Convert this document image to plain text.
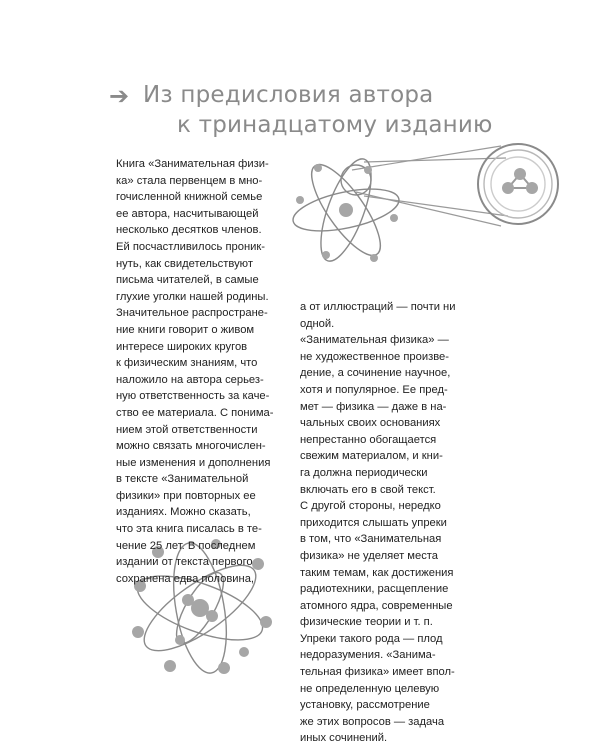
➔ Из предисловия автора
к тринадцатому изданию
Книга «Занимательная физи-
ка» стала первенцем в мно-
гочисленной книжной семье
ее автора, насчитывающей
несколько десятков членов.
Ей посчастливилось проник-
нуть, как свидетельствуют
письма читателей, в самые
глухие уголки нашей родины.
Значительное распростране-
ние книги говорит о живом
интересе широких кругов
к физическим знаниям, что
наложило на автора серьез-
ную ответственность за каче-
ство ее материала. С понима-
нием этой ответственности
можно связать многочислен-
ные изменения и дополнения
в тексте «Занимательной
физики» при повторных ее
изданиях. Можно сказать,
что эта книга писалась в те-
чение 25 лет. В последнем
издании от текста первого
сохранена едва половина,
а от иллюстраций — почти ни
одной.
«Занимательная физика» —
не художественное произве-
дение, а сочинение научное,
хотя и популярное. Ее пред-
мет — физика — даже в на-
чальных своих основаниях
непрестанно обогащается
свежим материалом, и кни-
га должна периодически
включать его в свой текст.
С другой стороны, нередко
приходится слышать упреки
в том, что «Занимательная
физика» не уделяет места
таким темам, как достижения
радиотехники, расщепление
атомного ядра, современные
физические теории и т. п.
Упреки такого рода — плод
недоразумения. «Занима-
тельная физика» имеет впол-
не определенную целевую
установку, рассмотрение
же этих вопросов — задача
иных сочинений.
